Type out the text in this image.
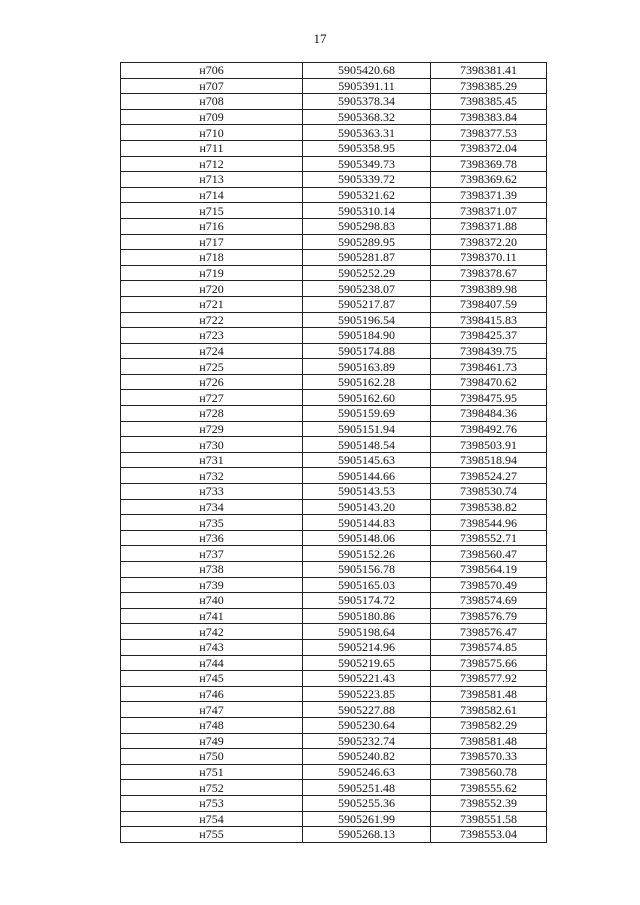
17
н706	5905420.68	7398381.41
н707	5905391.11	7398385.29
н708	5905378.34	7398385.45
н709	5905368.32	7398383.84
н710	5905363.31	7398377.53
н711	5905358.95	7398372.04
н712	5905349.73	7398369.78
н713	5905339.72	7398369.62
н714	5905321.62	7398371.39
н715	5905310.14	7398371.07
н716	5905298.83	7398371.88
н717	5905289.95	7398372.20
н718	5905281.87	7398370.11
н719	5905252.29	7398378.67
н720	5905238.07	7398389.98
н721	5905217.87	7398407.59
н722	5905196.54	7398415.83
н723	5905184.90	7398425.37
н724	5905174.88	7398439.75
н725	5905163.89	7398461.73
н726	5905162.28	7398470.62
н727	5905162.60	7398475.95
н728	5905159.69	7398484.36
н729	5905151.94	7398492.76
н730	5905148.54	7398503.91
н731	5905145.63	7398518.94
н732	5905144.66	7398524.27
н733	5905143.53	7398530.74
н734	5905143.20	7398538.82
н735	5905144.83	7398544.96
н736	5905148.06	7398552.71
н737	5905152.26	7398560.47
н738	5905156.78	7398564.19
н739	5905165.03	7398570.49
н740	5905174.72	7398574.69
н741	5905180.86	7398576.79
н742	5905198.64	7398576.47
н743	5905214.96	7398574.85
н744	5905219.65	7398575.66
н745	5905221.43	7398577.92
н746	5905223.85	7398581.48
н747	5905227.88	7398582.61
н748	5905230.64	7398582.29
н749	5905232.74	7398581.48
н750	5905240.82	7398570.33
н751	5905246.63	7398560.78
н752	5905251.48	7398555.62
н753	5905255.36	7398552.39
н754	5905261.99	7398551.58
н755	5905268.13	7398553.04
